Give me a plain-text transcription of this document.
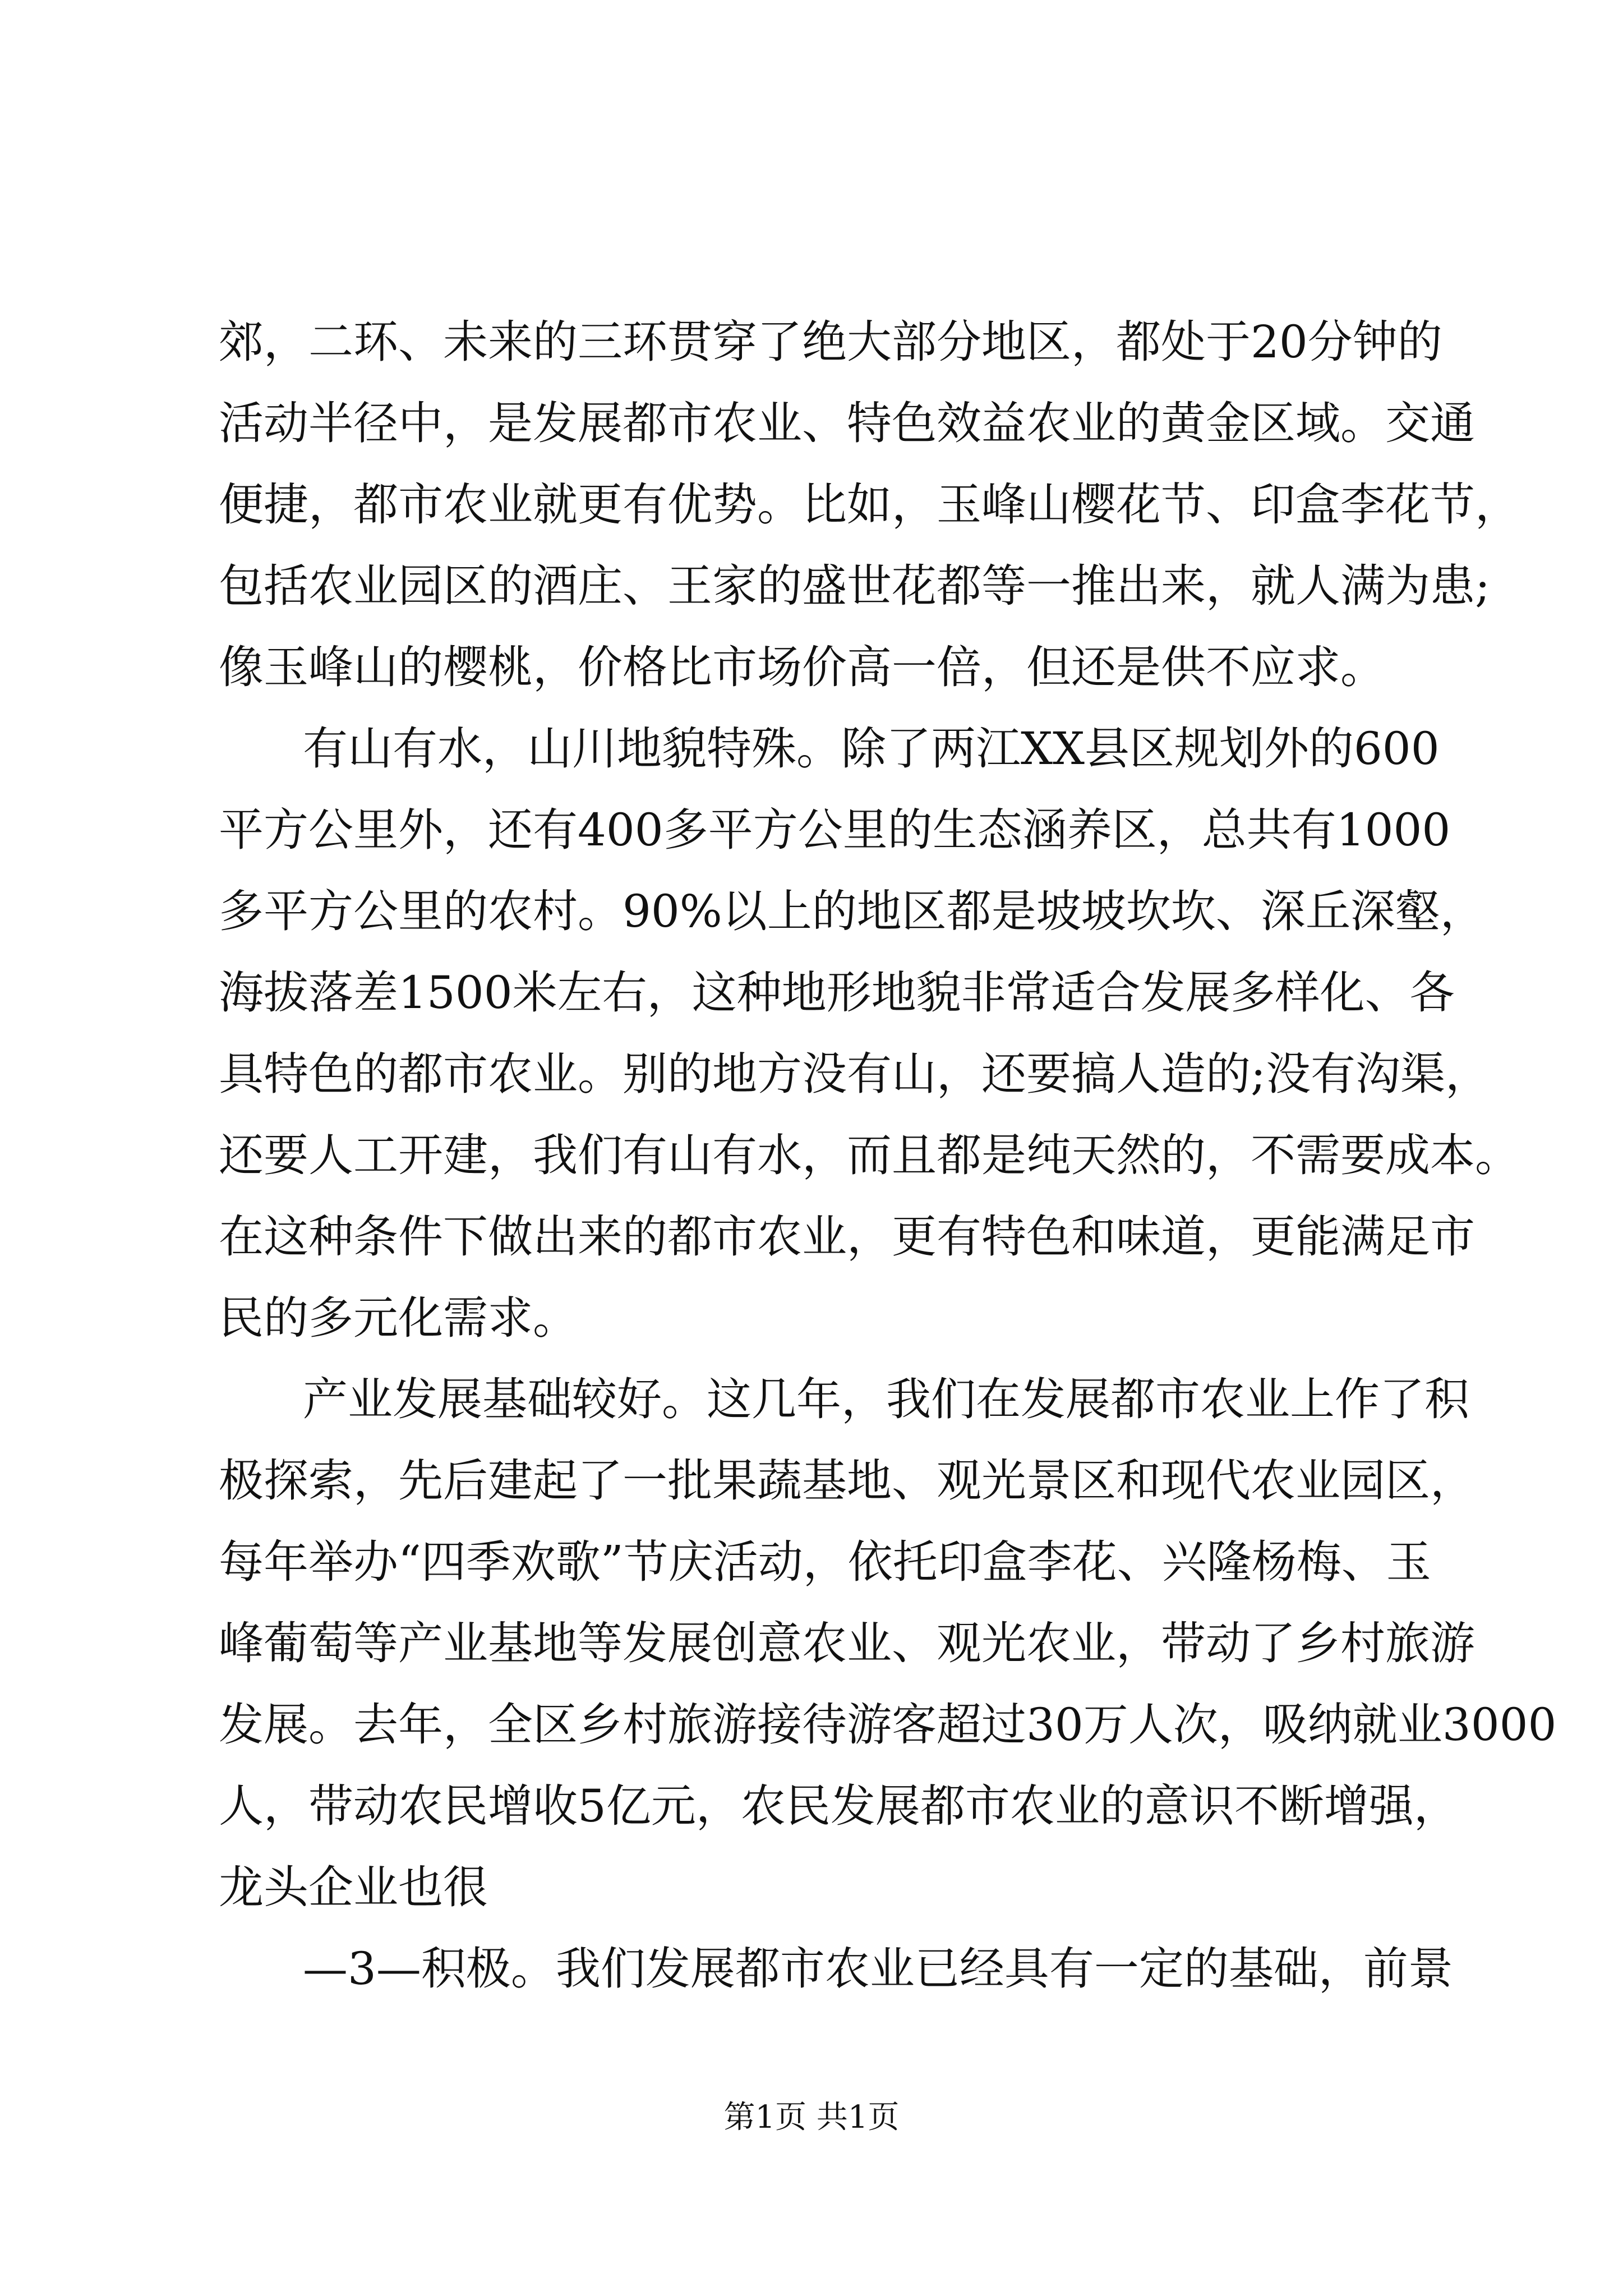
郊，二环、未来的三环贯穿了绝大部分地区，都处于20分钟的
活动半径中，是发展都市农业、特色效益农业的黄金区域。交通
便捷，都市农业就更有优势。比如，玉峰山樱花节、印盒李花节，
包括农业园区的酒庄、王家的盛世花都等一推出来，就人满为患;
像玉峰山的樱桃，价格比市场价高一倍，但还是供不应求。
有山有水，山川地貌特殊。除了两江XX县区规划外的600
平方公里外，还有400多平方公里的生态涵养区，总共有1000
多平方公里的农村。90%以上的地区都是坡坡坎坎、深丘深壑，
海拔落差1500米左右，这种地形地貌非常适合发展多样化、各
具特色的都市农业。别的地方没有山，还要搞人造的;没有沟渠，
还要人工开建，我们有山有水，而且都是纯天然的，不需要成本。
在这种条件下做出来的都市农业，更有特色和味道，更能满足市
民的多元化需求。
产业发展基础较好。这几年，我们在发展都市农业上作了积
极探索，先后建起了一批果蔬基地、观光景区和现代农业园区，
每年举办“四季欢歌”节庆活动，依托印盒李花、兴隆杨梅、玉
峰葡萄等产业基地等发展创意农业、观光农业，带动了乡村旅游
发展。去年，全区乡村旅游接待游客超过30万人次，吸纳就业3000
人，带动农民增收5亿元，农民发展都市农业的意识不断增强，
龙头企业也很
—3—积极。我们发展都市农业已经具有一定的基础，前景
第1页 共1页
